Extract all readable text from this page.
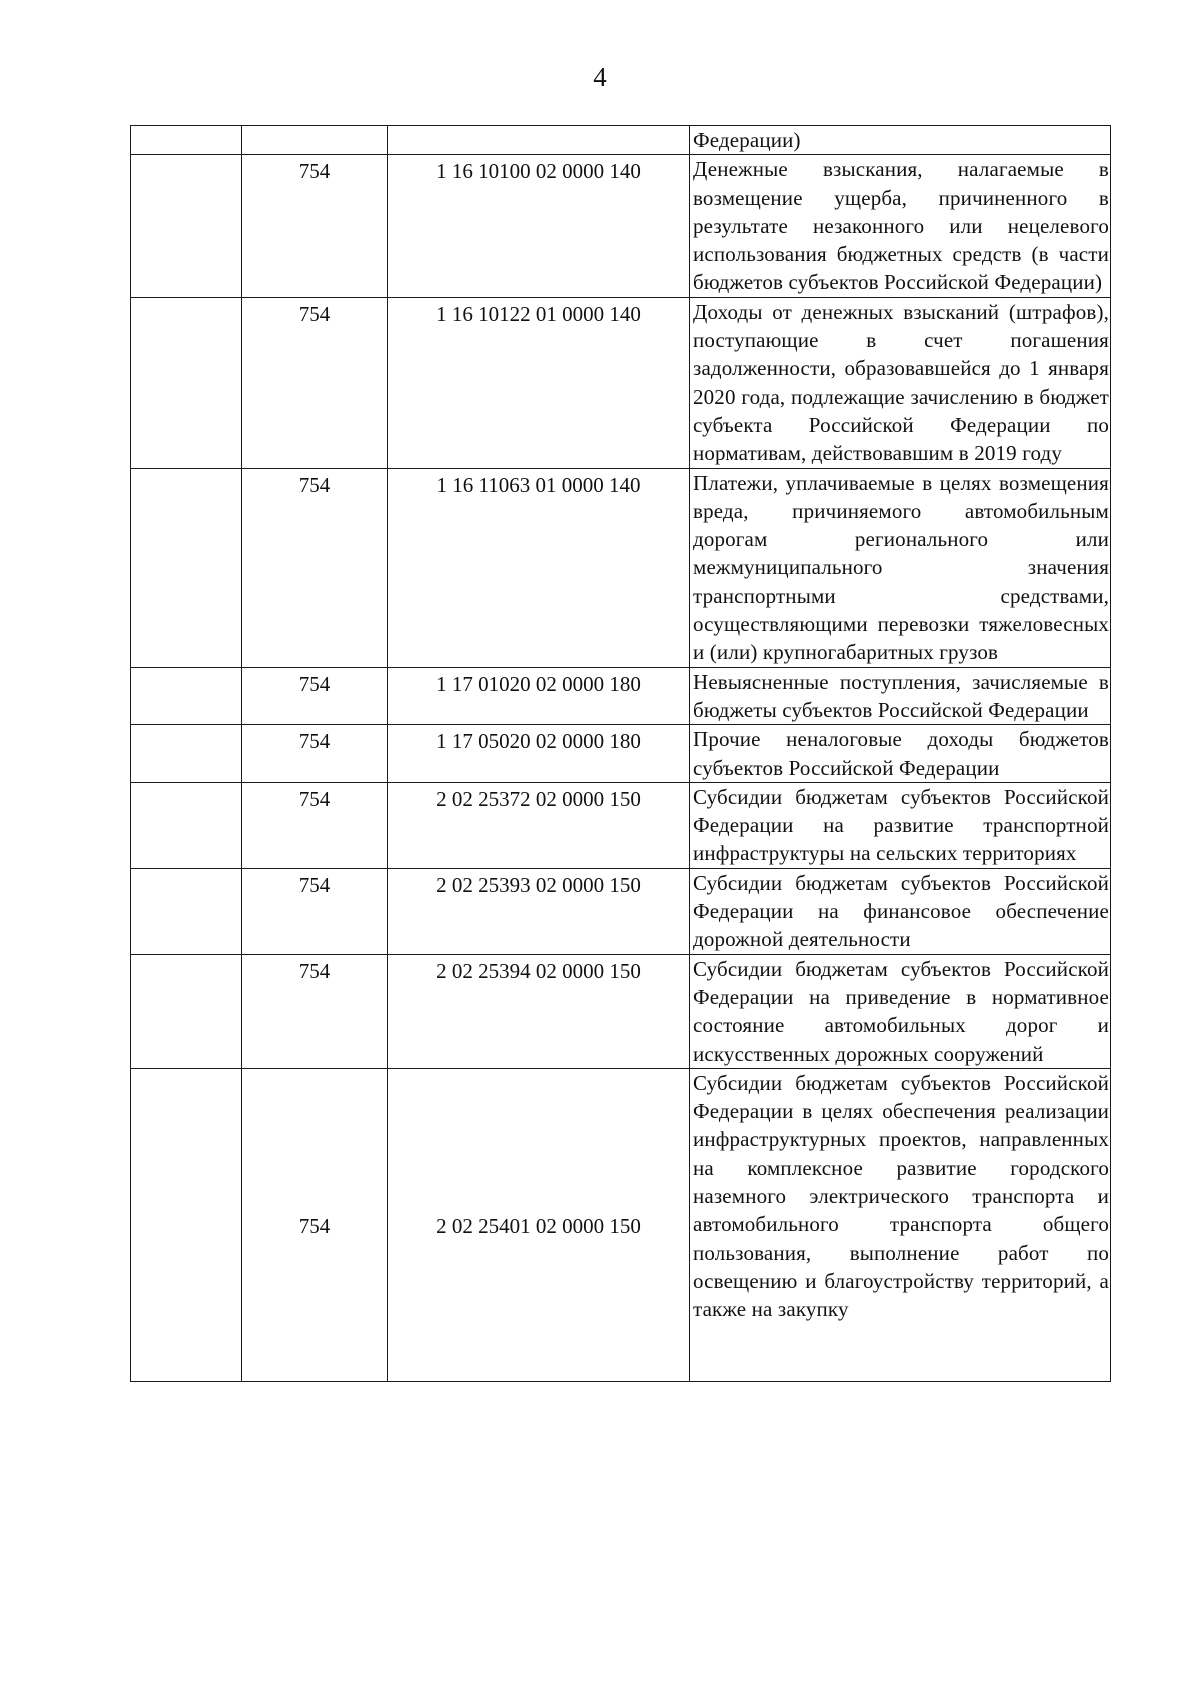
4
			Федерации)
	754	1 16 10100 02 0000 140	Денежные взыскания, налагаемые в возмещение ущерба, причиненного в результате незаконного или нецелевого использования бюджетных средств (в части бюджетов субъектов Российской Федерации)
	754	1 16 10122 01 0000 140	Доходы от денежных взысканий (штрафов), поступающие в счет погашения задолженности, образовавшейся до 1 января 2020 года, подлежащие зачислению в бюджет субъекта Российской Федерации по нормативам, действовавшим в 2019 году
	754	1 16 11063 01 0000 140	Платежи, уплачиваемые в целях возмещения вреда, причиняемого автомобильным дорогам регионального или межмуниципального значения транспортными средствами, осуществляющими перевозки тяжеловесных и (или) крупногабаритных грузов
	754	1 17 01020 02 0000 180	Невыясненные поступления, зачисляемые в бюджеты субъектов Российской Федерации
	754	1 17 05020 02 0000 180	Прочие неналоговые доходы бюджетов субъектов Российской Федерации
	754	2 02 25372 02 0000 150	Субсидии бюджетам субъектов Российской Федерации на развитие транспортной инфраструктуры на сельских территориях
	754	2 02 25393 02 0000 150	Субсидии бюджетам субъектов Российской Федерации на финансовое обеспечение дорожной деятельности
	754	2 02 25394 02 0000 150	Субсидии бюджетам субъектов Российской Федерации на приведение в нормативное состояние автомобильных дорог и искусственных дорожных сооружений
	754	2 02 25401 02 0000 150	Субсидии бюджетам субъектов Российской Федерации в целях обеспечения реализации инфраструктурных проектов, направленных на комплексное развитие городского наземного электрического транспорта и автомобильного транспорта общего пользования, выполнение работ по освещению и благоустройству территорий, а также на закупку
